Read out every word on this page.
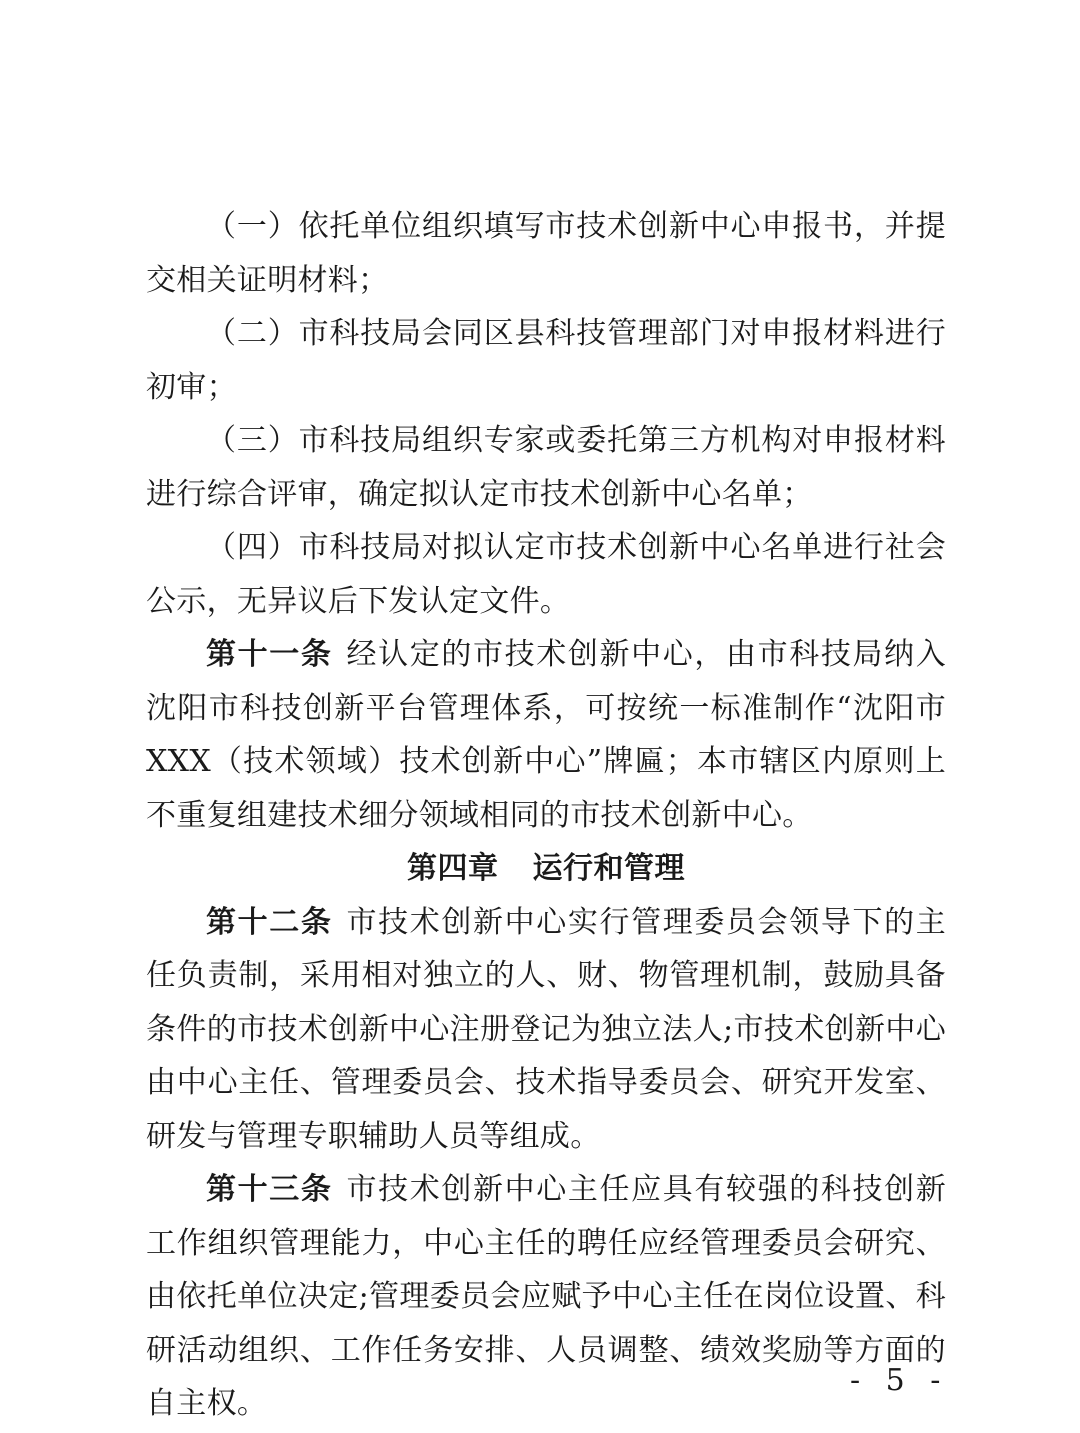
（一）依托单位组织填写市技术创新中心申报书，并提交相关证明材料；

（二）市科技局会同区县科技管理部门对申报材料进行初审；

（三）市科技局组织专家或委托第三方机构对申报材料进行综合评审，确定拟认定市技术创新中心名单；

（四）市科技局对拟认定市技术创新中心名单进行社会公示，无异议后下发认定文件。

第十一条 经认定的市技术创新中心，由市科技局纳入沈阳市科技创新平台管理体系，可按统一标准制作“沈阳市XXX（技术领域）技术创新中心”牌匾；本市辖区内原则上不重复组建技术细分领域相同的市技术创新中心。

第四章 运行和管理

第十二条 市技术创新中心实行管理委员会领导下的主任负责制，采用相对独立的人、财、物管理机制，鼓励具备条件的市技术创新中心注册登记为独立法人;市技术创新中心由中心主任、管理委员会、技术指导委员会、研究开发室、研发与管理专职辅助人员等组成。

第十三条 市技术创新中心主任应具有较强的科技创新工作组织管理能力，中心主任的聘任应经管理委员会研究、由依托单位决定;管理委员会应赋予中心主任在岗位设置、科研活动组织、工作任务安排、人员调整、绩效奖励等方面的自主权。

- 5 -
